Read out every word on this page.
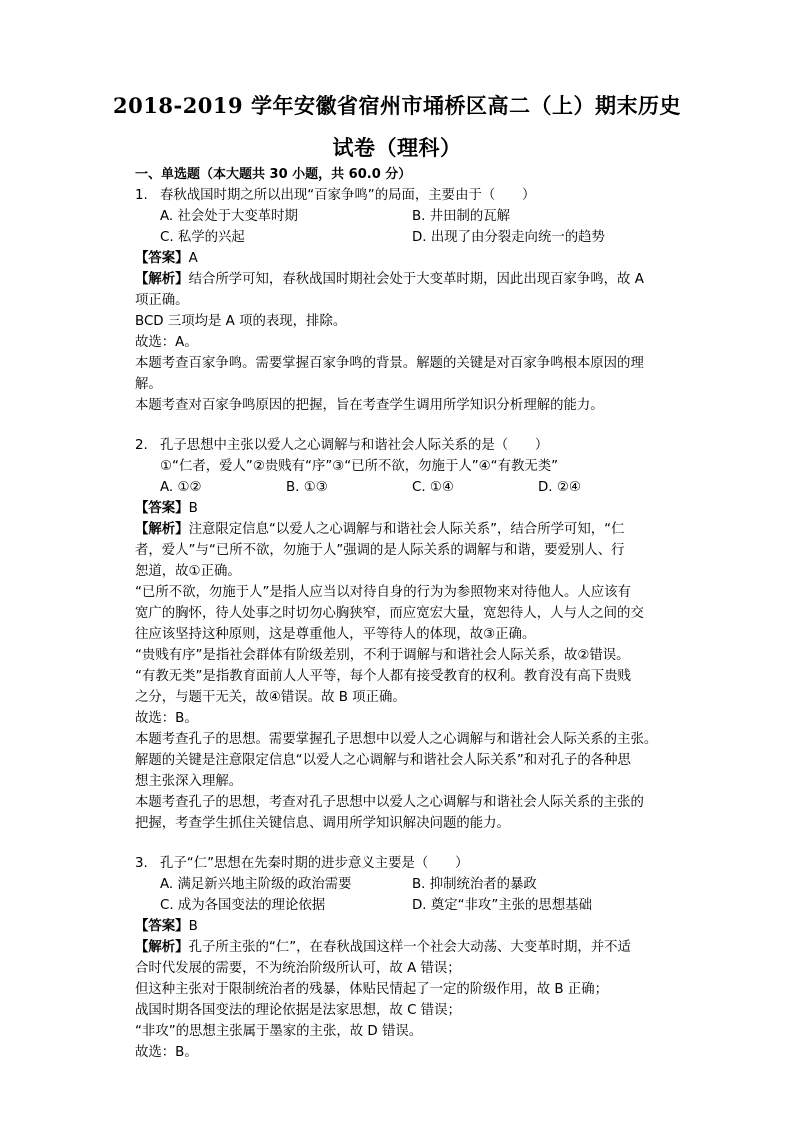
2018-2019 学年安徽省宿州市埇桥区高二（上）期末历史
试卷（理科）
一、单选题（本大题共 30 小题，共 60.0 分）
1. 春秋战国时期之所以出现“百家争鸣”的局面，主要由于（　　）
A. 社会处于大变革时期	B. 井田制的瓦解
C. 私学的兴起	D. 出现了由分裂走向统一的趋势
【答案】A
【解析】结合所学可知，春秋战国时期社会处于大变革时期，因此出现百家争鸣，故 A
项正确。
BCD 三项均是 A 项的表现，排除。
故选：A。
本题考查百家争鸣。需要掌握百家争鸣的背景。解题的关键是对百家争鸣根本原因的理
解。
本题考查对百家争鸣原因的把握，旨在考查学生调用所学知识分析理解的能力。
2. 孔子思想中主张以爱人之心调解与和谐社会人际关系的是（　　）
①“仁者，爱人”②贵贱有“序”③“已所不欲，勿施于人”④“有教无类”
A. ①②	B. ①③	C. ①④	D. ②④
【答案】B
【解析】注意限定信息“以爱人之心调解与和谐社会人际关系”，结合所学可知，“仁
者，爱人”与“已所不欲，勿施于人”强调的是人际关系的调解与和谐，要爱别人、行
恕道，故①正确。
“已所不欲，勿施于人”是指人应当以对待自身的行为为参照物来对待他人。人应该有
宽广的胸怀，待人处事之时切勿心胸狭窄，而应宽宏大量，宽恕待人，人与人之间的交
往应该坚持这种原则，这是尊重他人，平等待人的体现，故③正确。
“贵贱有序”是指社会群体有阶级差别，不利于调解与和谐社会人际关系，故②错误。
“有教无类”是指教育面前人人平等，每个人都有接受教育的权利。教育没有高下贵贱
之分，与题干无关，故④错误。故 B 项正确。
故选：B。
本题考查孔子的思想。需要掌握孔子思想中以爱人之心调解与和谐社会人际关系的主张。
解题的关键是注意限定信息“以爱人之心调解与和谐社会人际关系”和对孔子的各种思
想主张深入理解。
本题考查孔子的思想，考查对孔子思想中以爱人之心调解与和谐社会人际关系的主张的
把握，考查学生抓住关键信息、调用所学知识解决问题的能力。
3. 孔子“仁”思想在先秦时期的进步意义主要是（　　）
A. 满足新兴地主阶级的政治需要	B. 抑制统治者的暴政
C. 成为各国变法的理论依据	D. 奠定“非攻”主张的思想基础
【答案】B
【解析】孔子所主张的“仁”，在春秋战国这样一个社会大动荡、大变革时期，并不适
合时代发展的需要，不为统治阶级所认可，故 A 错误；
但这种主张对于限制统治者的残暴，体贴民情起了一定的阶级作用，故 B 正确；
战国时期各国变法的理论依据是法家思想，故 C 错误；
“非攻”的思想主张属于墨家的主张，故 D 错误。
故选：B。
